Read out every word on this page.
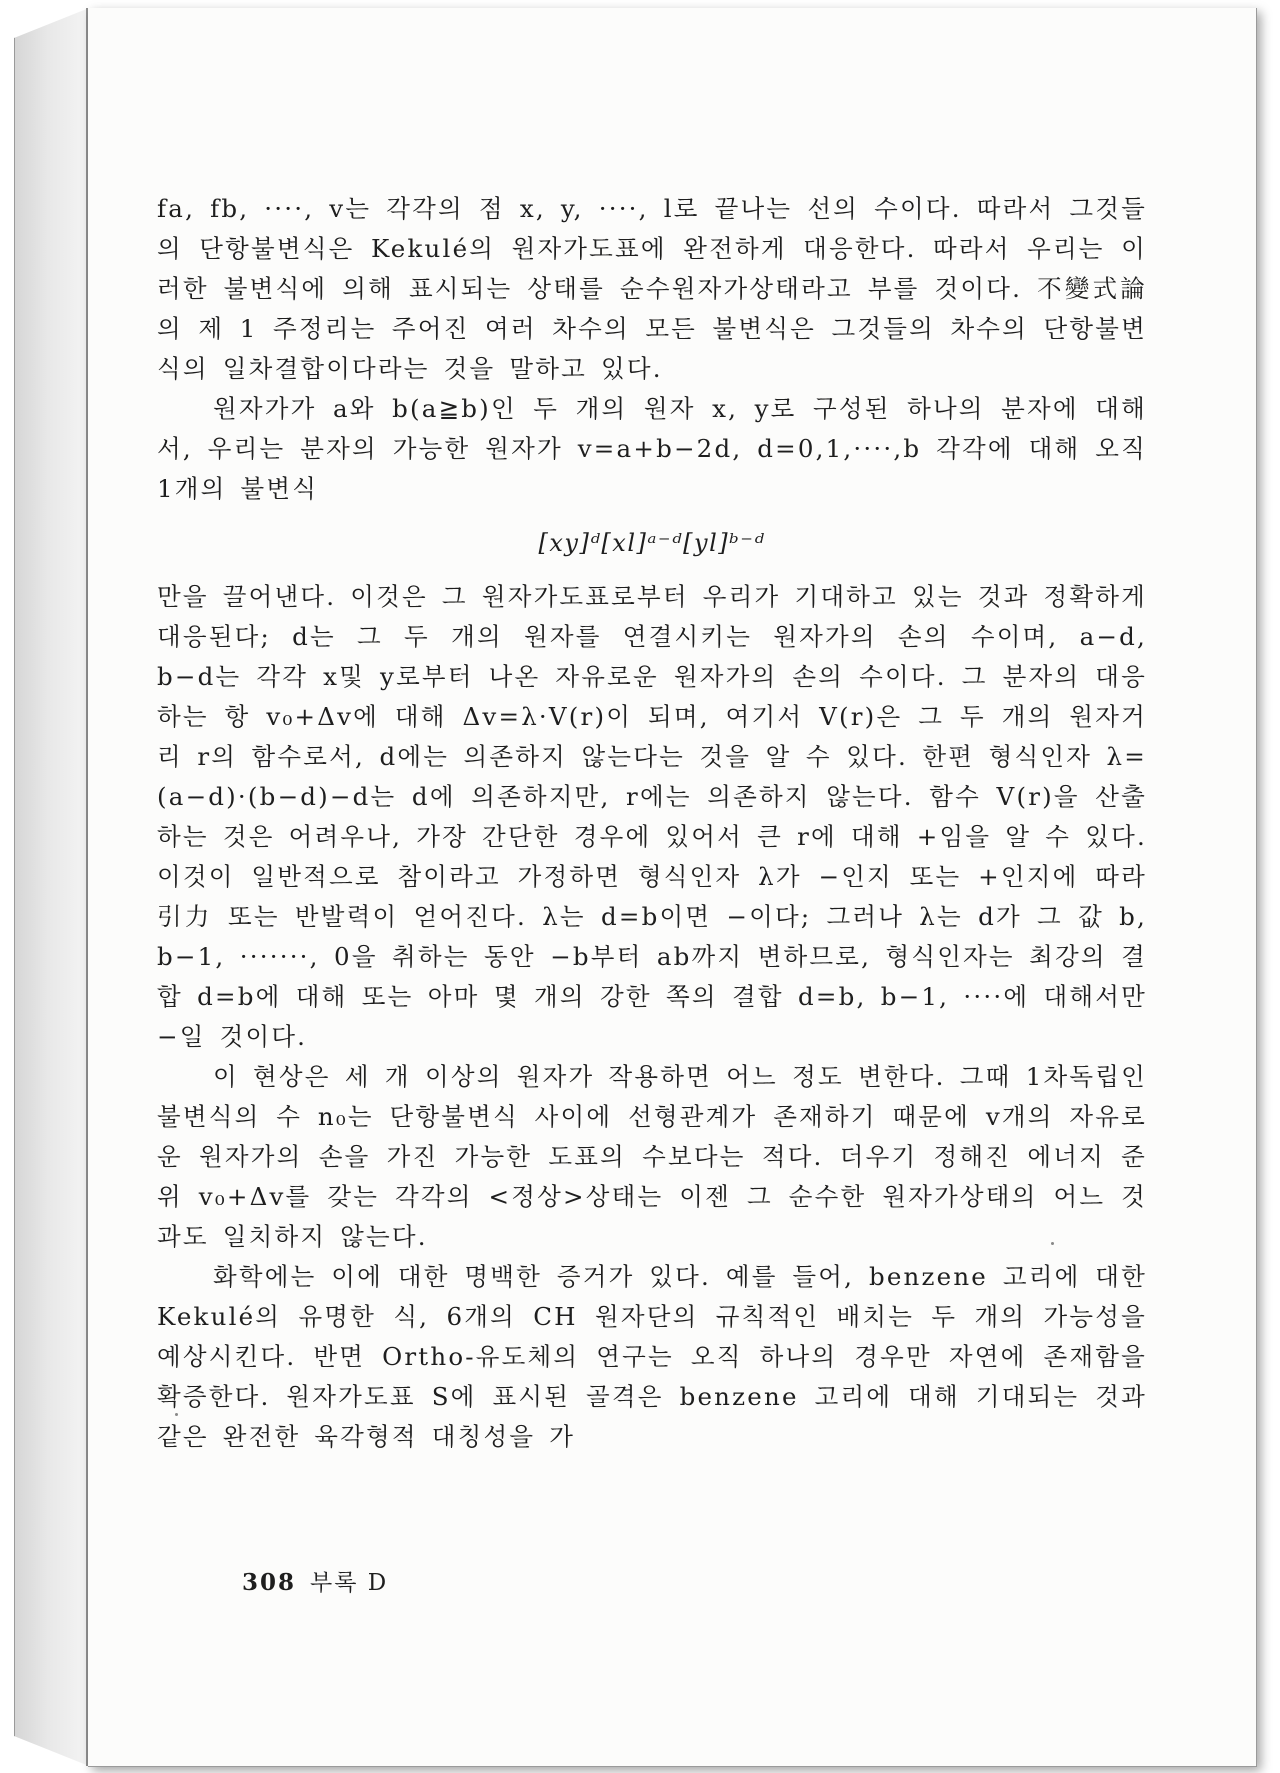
fa, fb, ····, v는 각각의 점 x, y, ····, l로 끝나는 선의 수이다. 따라서 그것들의 단항불변식은 Kekulé의 원자가도표에 완전하게 대응한다. 따라서 우리는 이러한 불변식에 의해 표시되는 상태를 순수원자가상태라고 부를 것이다. 不變式論의 제 1 주정리는 주어진 여러 차수의 모든 불변식은 그것들의 차수의 단항불변식의 일차결합이다라는 것을 말하고 있다.

원자가가 a와 b(a≧b)인 두 개의 원자 x, y로 구성된 하나의 분자에 대해서, 우리는 분자의 가능한 원자가 v=a+b−2d, d=0,1,····,b 각각에 대해 오직 1개의 불변식

[xy]ᵈ[xl]ᵃ⁻ᵈ[yl]ᵇ⁻ᵈ

만을 끌어낸다. 이것은 그 원자가도표로부터 우리가 기대하고 있는 것과 정확하게 대응된다; d는 그 두 개의 원자를 연결시키는 원자가의 손의 수이며, a−d, b−d는 각각 x및 y로부터 나온 자유로운 원자가의 손의 수이다. 그 분자의 대응하는 항 v₀+Δv에 대해 Δv=λ·V(r)이 되며, 여기서 V(r)은 그 두 개의 원자거리 r의 함수로서, d에는 의존하지 않는다는 것을 알 수 있다. 한편 형식인자 λ=(a−d)·(b−d)−d는 d에 의존하지만, r에는 의존하지 않는다. 함수 V(r)을 산출하는 것은 어려우나, 가장 간단한 경우에 있어서 큰 r에 대해 +임을 알 수 있다. 이것이 일반적으로 참이라고 가정하면 형식인자 λ가 −인지 또는 +인지에 따라 引力 또는 반발력이 얻어진다. λ는 d=b이면 −이다; 그러나 λ는 d가 그 값 b, b−1, ·······, 0을 취하는 동안 −b부터 ab까지 변하므로, 형식인자는 최강의 결합 d=b에 대해 또는 아마 몇 개의 강한 쪽의 결합 d=b, b−1, ····에 대해서만 −일 것이다.

이 현상은 세 개 이상의 원자가 작용하면 어느 정도 변한다. 그때 1차독립인 불변식의 수 n₀는 단항불변식 사이에 선형관계가 존재하기 때문에 v개의 자유로운 원자가의 손을 가진 가능한 도표의 수보다는 적다. 더우기 정해진 에너지 준위 v₀+Δv를 갖는 각각의 <정상>상태는 이젠 그 순수한 원자가상태의 어느 것과도 일치하지 않는다.

화학에는 이에 대한 명백한 증거가 있다. 예를 들어, benzene 고리에 대한 Kekulé의 유명한 식, 6개의 CH 원자단의 규칙적인 배치는 두 개의 가능성을 예상시킨다. 반면 Ortho-유도체의 연구는 오직 하나의 경우만 자연에 존재함을 확증한다. 원자가도표 S에 표시된 골격은 benzene 고리에 대해 기대되는 것과 같은 완전한 육각형적 대칭성을 가

308 부록 D
